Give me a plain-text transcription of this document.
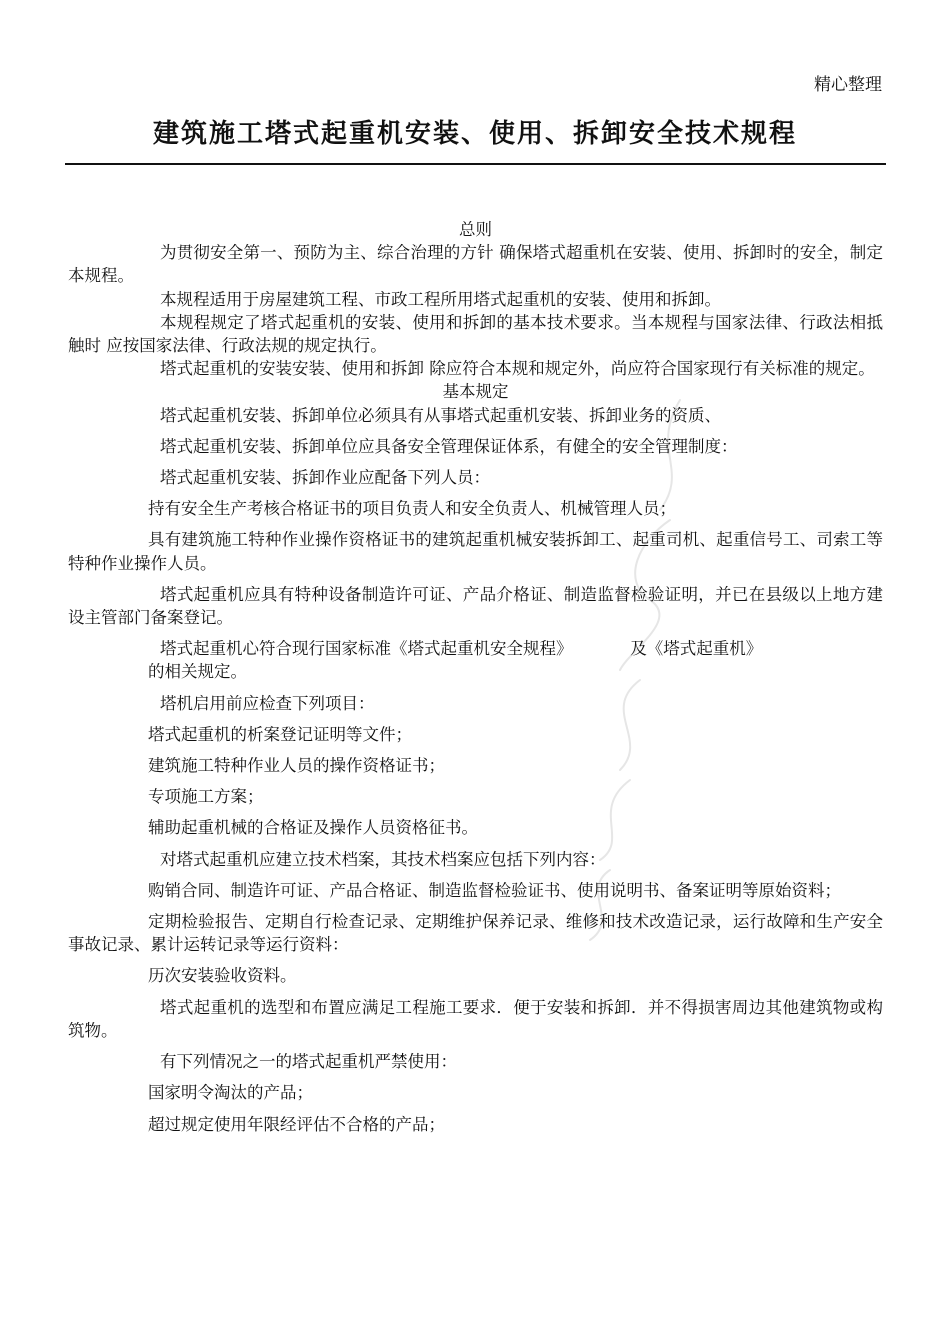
精心整理
建筑施工塔式起重机安装、使用、拆卸安全技术规程

总则

为贯彻安全第一、预防为主、综合治理的方针 确保塔式超重机在安装、使用、拆卸时的安全，制定本规程。

本规程适用于房屋建筑工程、市政工程所用塔式起重机的安装、使用和拆卸。

本规程规定了塔式起重机的安装、使用和拆卸的基本技术要求。当本规程与国家法律、行政法相抵触时 应按国家法律、行政法规的规定执行。

塔式起重机的安装安装、使用和拆卸 除应符合本规和规定外，尚应符合国家现行有关标准的规定。

基本规定

塔式起重机安装、拆卸单位必须具有从事塔式起重机安装、拆卸业务的资质、

塔式起重机安装、拆卸单位应具备安全管理保证体系，有健全的安全管理制度：

塔式起重机安装、拆卸作业应配备下列人员：

持有安全生产考核合格证书的项目负责人和安全负责人、机械管理人员；

具有建筑施工特种作业操作资格证书的建筑起重机械安装拆卸工、起重司机、起重信号工、司索工等特种作业操作人员。

塔式起重机应具有特种设备制造许可证、产品介格证、制造监督检验证明，并已在县级以上地方建设主管部门备案登记。

塔式起重机心符合现行国家标准《塔式起重机安全规程》　　　　及《塔式起重机》

的相关规定。

塔机启用前应检查下列项目：

塔式起重机的析案登记证明等文件；

建筑施工特种作业人员的操作资格证书；

专项施工方案；

辅助起重机械的合格证及操作人员资格征书。

对塔式起重机应建立技术档案，其技术档案应包括下列内容：

购销合同、制造许可证、产品合格证、制造监督检验证书、使用说明书、备案证明等原始资料；

定期检验报告、定期自行检查记录、定期维护保养记录、维修和技术改造记录，运行故障和生产安全事故记录、累计运转记录等运行资料：

历次安装验收资料。

塔式起重机的选型和布置应满足工程施工要求．便于安装和拆卸．并不得损害周边其他建筑物或构筑物。

有下列情况之一的塔式起重机严禁使用：

国家明令淘汰的产品；

超过规定使用年限经评估不合格的产品；
